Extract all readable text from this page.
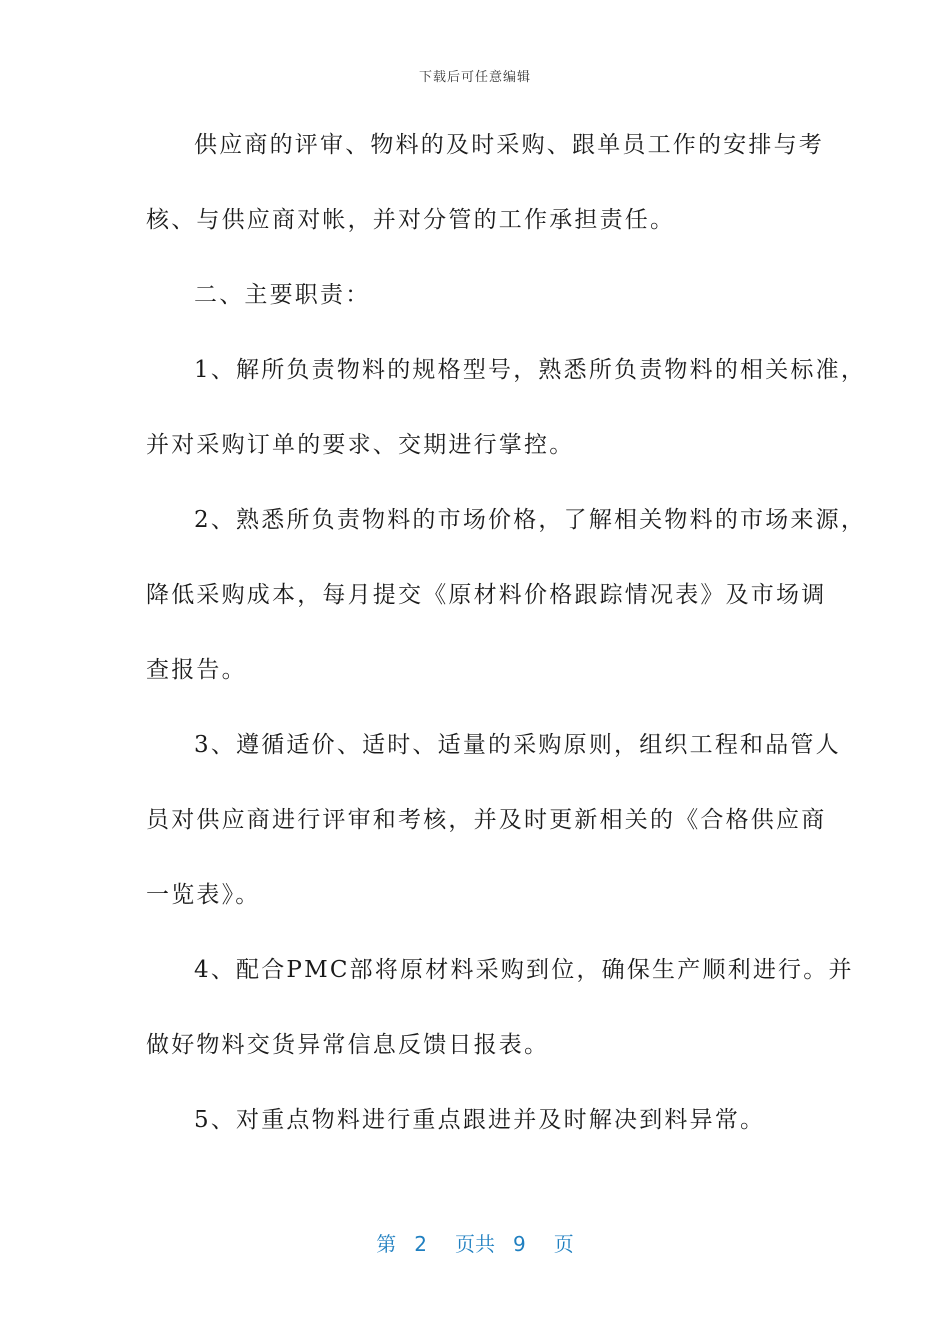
下载后可任意编辑
供应商的评审、物料的及时采购、跟单员工作的安排与考
核、与供应商对帐，并对分管的工作承担责任。
二、主要职责：
1、解所负责物料的规格型号，熟悉所负责物料的相关标准，
并对采购订单的要求、交期进行掌控。
2、熟悉所负责物料的市场价格，了解相关物料的市场来源，
降低采购成本，每月提交《原材料价格跟踪情况表》及市场调
查报告。
3、遵循适价、适时、适量的采购原则，组织工程和品管人
员对供应商进行评审和考核，并及时更新相关的《合格供应商
一览表》。
4、配合PMC部将原材料采购到位，确保生产顺利进行。并
做好物料交货异常信息反馈日报表。
5、对重点物料进行重点跟进并及时解决到料异常。
第 2 页共 9 页
